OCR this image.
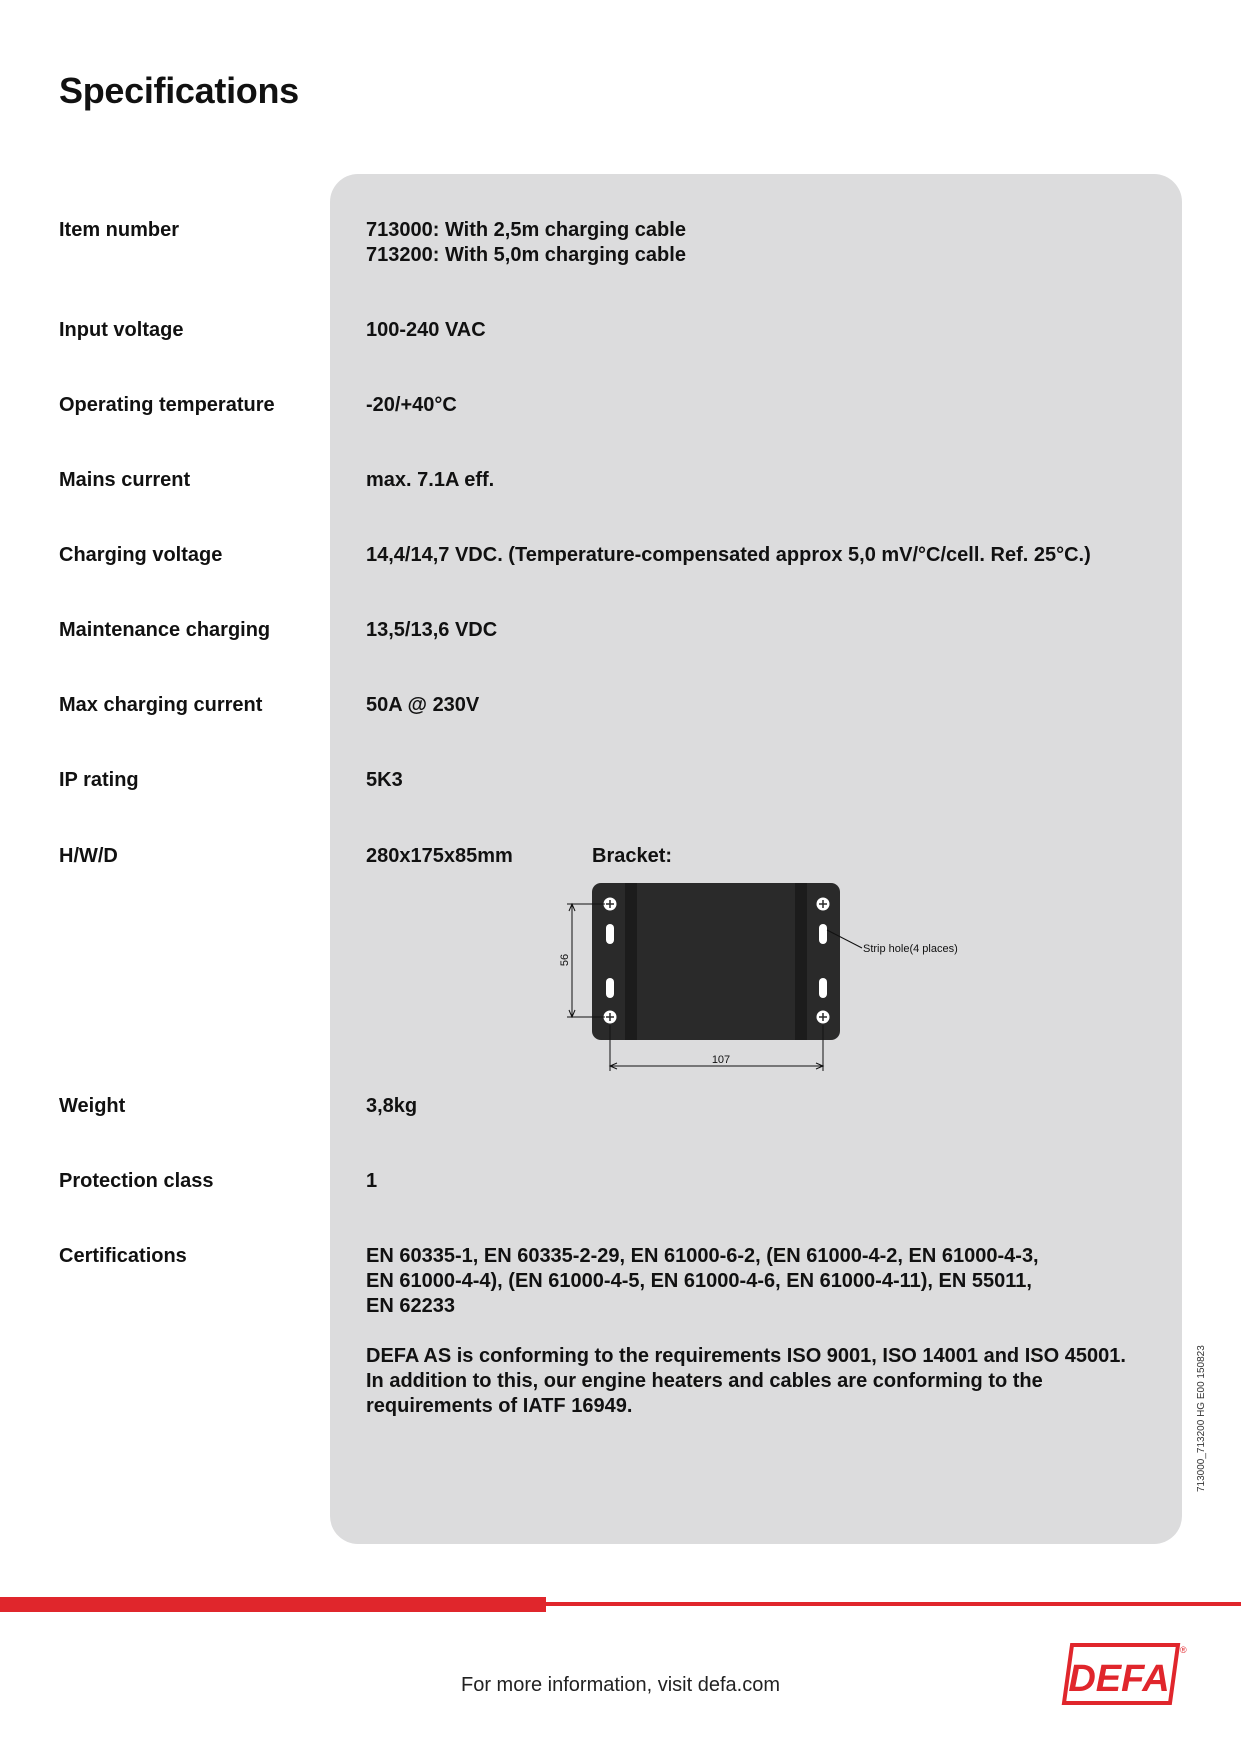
Specifications
Item number	713000: With 2,5m charging cable
713200: With 5,0m charging cable
Input voltage	100-240 VAC
Operating temperature	-20/+40°C
Mains current	max. 7.1A eff.
Charging voltage	14,4/14,7 VDC. (Temperature-compensated approx 5,0 mV/°C/cell. Ref. 25°C.)
Maintenance charging	13,5/13,6 VDC
Max charging current	50A @ 230V
IP rating	5K3
H/W/D	280x175x85mm	Bracket:
56
107
Strip hole(4 places)
Weight	3,8kg
Protection class	1
Certifications	EN 60335-1, EN 60335-2-29, EN 61000-6-2, (EN 61000-4-2, EN 61000-4-3,
EN 61000-4-4), (EN 61000-4-5, EN 61000-4-6, EN 61000-4-11), EN 55011,
EN 62233
DEFA AS is conforming to the requirements ISO 9001, ISO 14001 and ISO 45001.
In addition to this, our engine heaters and cables are conforming to the
requirements of IATF 16949.	713000_713200 HG E00 150823
For more information, visit defa.com	DEFA
®
